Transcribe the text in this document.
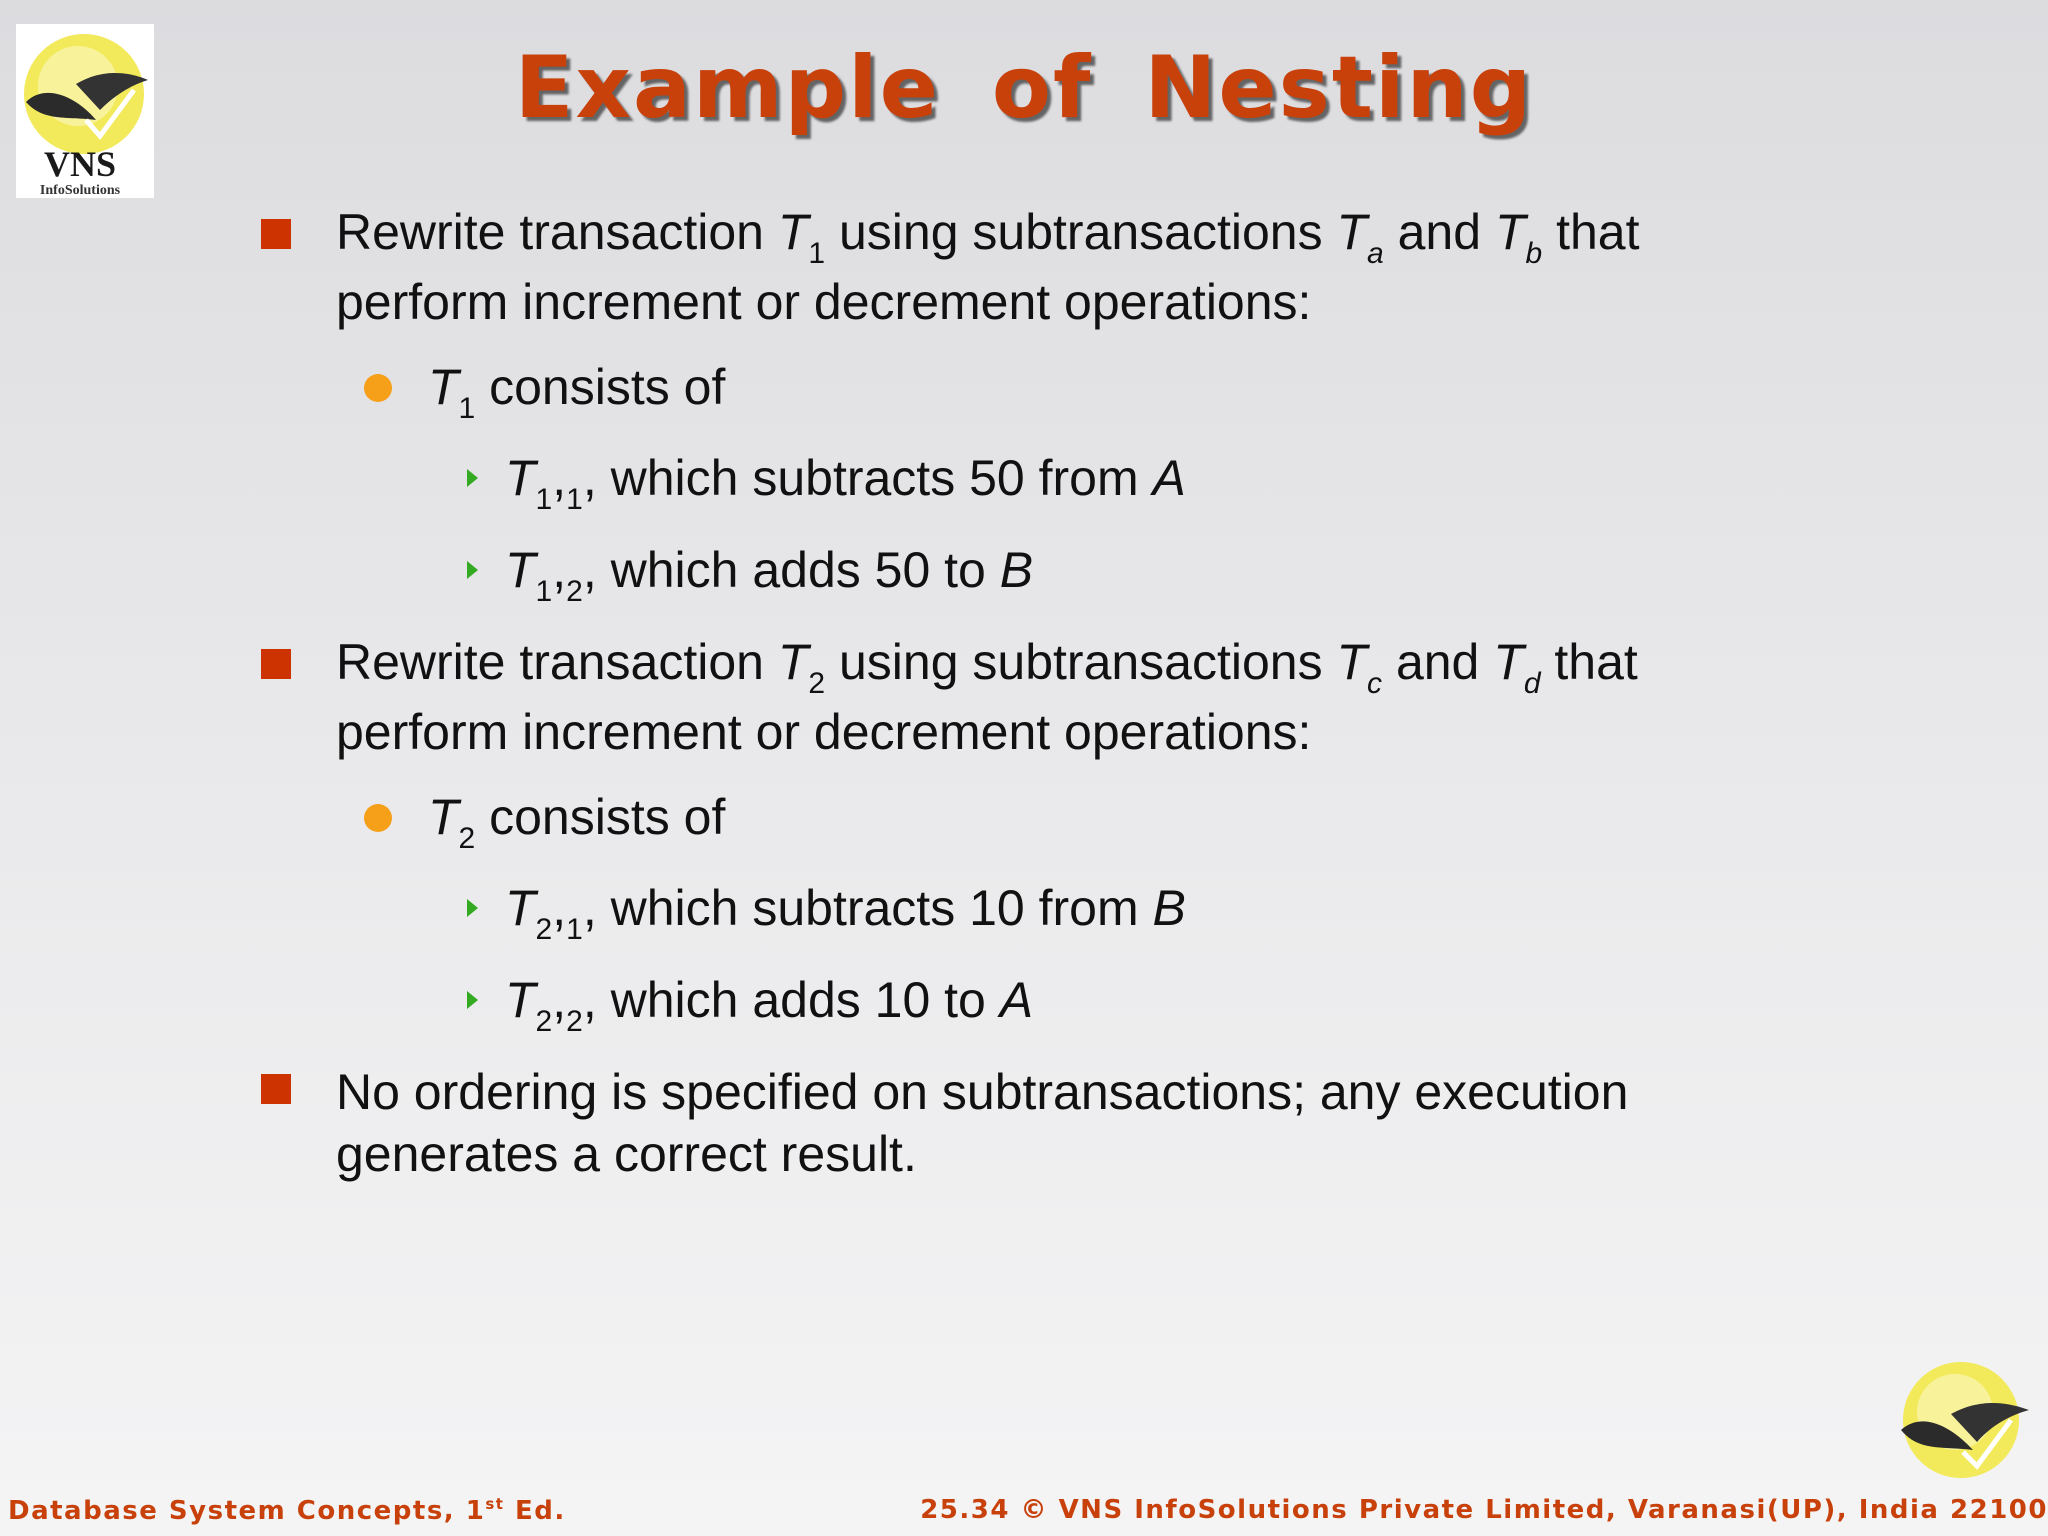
VNS
InfoSolutions
Example of Nesting
Rewrite transaction $T_1$ using subtransactions $T_a$ and $T_b$ that
perform increment or decrement operations:
$T_1$ consists of
$T_1,_1$, which subtracts 50 from A
$T_1,_2$, which adds 50 to B
Rewrite transaction $T_2$ using subtransactions $T_c$ and $T_d$ that
perform increment or decrement operations:
$T_2$ consists of
$T_2,_1$, which subtracts 10 from B
$T_2,_2$, which adds 10 to A
No ordering is specified on subtransactions; any execution
generates a correct result.
Database System Concepts, 1st Ed.	25.34 © VNS InfoSolutions Private Limited, Varanasi(UP), India 22100
